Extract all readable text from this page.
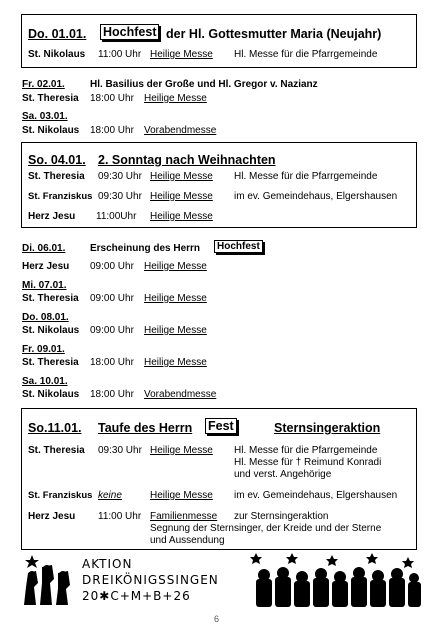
Do. 01.01. Hochfest der Hl. Gottesmutter Maria (Neujahr)
St. Nikolaus 11:00 Uhr Heilige Messe Hl. Messe für die Pfarrgemeinde
Fr. 02.01.	Hl. Basilius der Große und Hl. Gregor v. Nazianz
St. Theresia 18:00 Uhr Heilige Messe
Sa. 03.01.
St. Nikolaus 18:00 Uhr Vorabendmesse
So. 04.01. 2. Sonntag nach Weihnachten
St. Theresia 09:30 Uhr Heilige Messe Hl. Messe für die Pfarrgemeinde
St. Franziskus 09:30 Uhr Heilige Messe im ev. Gemeindehaus, Elgershausen
Herz Jesu 11:00Uhr Heilige Messe
Di. 06.01. Erscheinung des Herrn	Hochfest
Herz Jesu 09:00 Uhr Heilige Messe
Mi. 07.01.
St. Theresia 09:00 Uhr Heilige Messe
Do. 08.01.
St. Nikolaus 09:00 Uhr Heilige Messe
Fr. 09.01.
St. Theresia 18:00 Uhr Heilige Messe
Sa. 10.01.
St. Nikolaus 18:00 Uhr Vorabendmesse
So.11.01. Taufe des Herrn Fest	Sternsingeraktion
St. Theresia 09:30 Uhr Heilige Messe Hl. Messe für die Pfarrgemeinde
Hl. Messe für † Reimund Konradi
und verst. Angehörige
St. Franziskus keine	Heilige Messe im ev. Gemeindehaus, Elgershausen
Herz Jesu 11:00 Uhr Familienmesse zur Sternsingeraktion
Segnung der Sternsinger, der Kreide und der Sterne
und Aussendung
AKTION
DREIKÖNIGSSINGEN
20✱C+M+B+26
6
